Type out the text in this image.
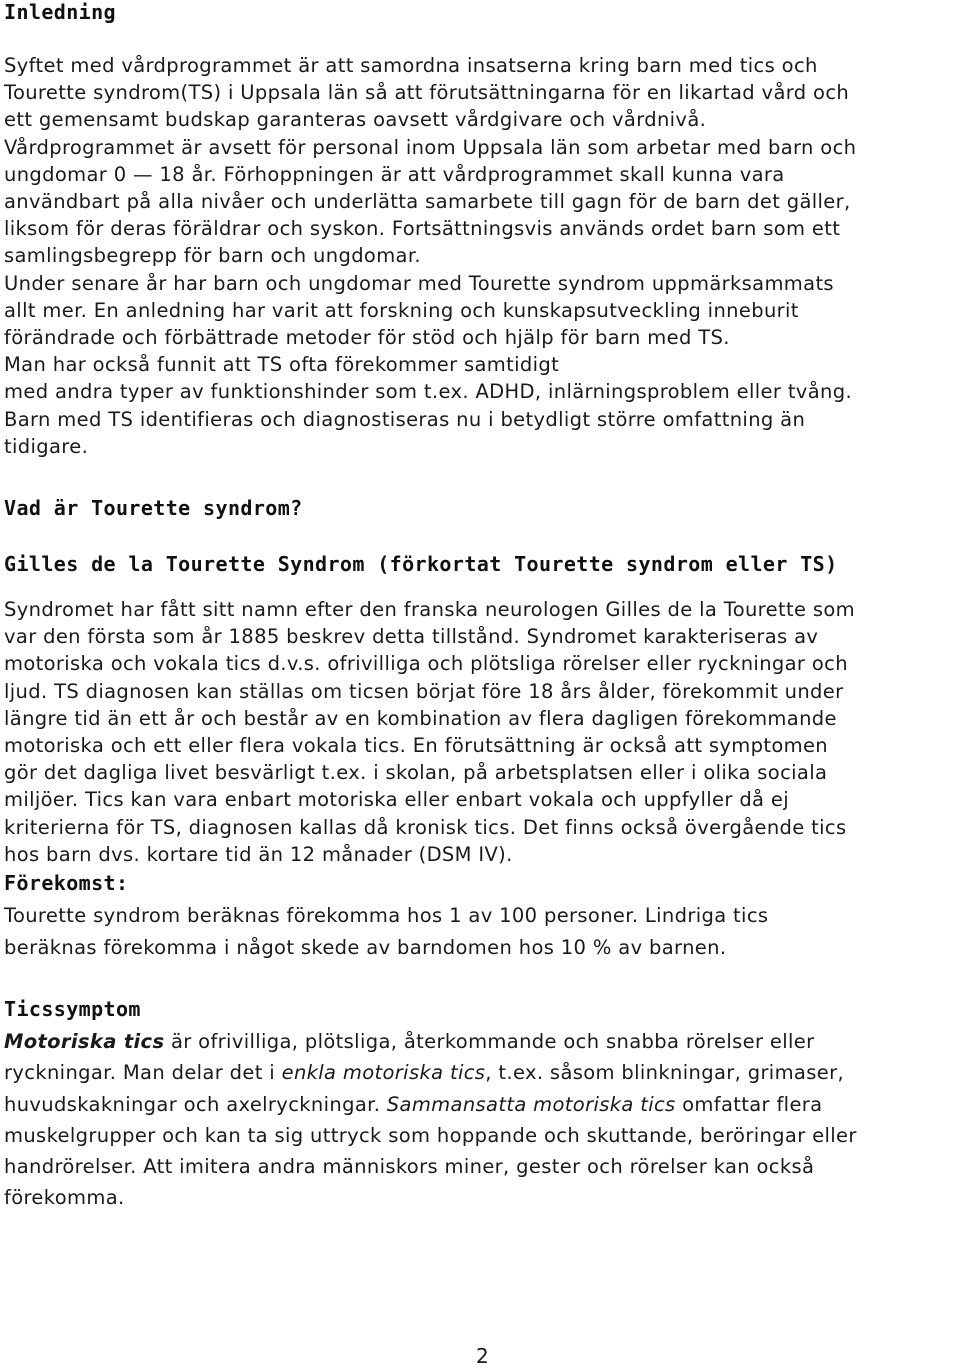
Inledning

Syftet med vårdprogrammet är att samordna insatserna kring barn med tics och
Tourette syndrom(TS) i Uppsala län så att förutsättningarna för en likartad vård och
ett gemensamt budskap garanteras oavsett vårdgivare och vårdnivå.
Vårdprogrammet är avsett för personal inom Uppsala län som arbetar med barn och
ungdomar 0 — 18 år. Förhoppningen är att vårdprogrammet skall kunna vara
användbart på alla nivåer och underlätta samarbete till gagn för de barn det gäller,
liksom för deras föräldrar och syskon. Fortsättningsvis används ordet barn som ett
samlingsbegrepp för barn och ungdomar.
Under senare år har barn och ungdomar med Tourette syndrom uppmärksammats
allt mer. En anledning har varit att forskning och kunskapsutveckling inneburit
förändrade och förbättrade metoder för stöd och hjälp för barn med TS.
Man har också funnit att TS ofta förekommer samtidigt
med andra typer av funktionshinder som t.ex. ADHD, inlärningsproblem eller tvång.
Barn med TS identifieras och diagnostiseras nu i betydligt större omfattning än
tidigare.

Vad är Tourette syndrom?
Gilles de la Tourette Syndrom (förkortat Tourette syndrom eller TS)

Syndromet har fått sitt namn efter den franska neurologen Gilles de la Tourette som
var den första som år 1885 beskrev detta tillstånd. Syndromet karakteriseras av
motoriska och vokala tics d.v.s. ofrivilliga och plötsliga rörelser eller ryckningar och
ljud. TS diagnosen kan ställas om ticsen börjat före 18 års ålder, förekommit under
längre tid än ett år och består av en kombination av flera dagligen förekommande
motoriska och ett eller flera vokala tics. En förutsättning är också att symptomen
gör det dagliga livet besvärligt t.ex. i skolan, på arbetsplatsen eller i olika sociala
miljöer. Tics kan vara enbart motoriska eller enbart vokala och uppfyller då ej
kriterierna för TS, diagnosen kallas då kronisk tics. Det finns också övergående tics
hos barn dvs. kortare tid än 12 månader (DSM IV).

Förekomst:

Tourette syndrom beräknas förekomma hos 1 av 100 personer. Lindriga tics
beräknas förekomma i något skede av barndomen hos 10 % av barnen.

Ticssymptom

Motoriska tics är ofrivilliga, plötsliga, återkommande och snabba rörelser eller
ryckningar. Man delar det i enkla motoriska tics, t.ex. såsom blinkningar, grimaser,
huvudskakningar och axelryckningar. Sammansatta motoriska tics omfattar flera
muskelgrupper och kan ta sig uttryck som hoppande och skuttande, beröringar eller
handrörelser. Att imitera andra människors miner, gester och rörelser kan också
förekomma.

2
